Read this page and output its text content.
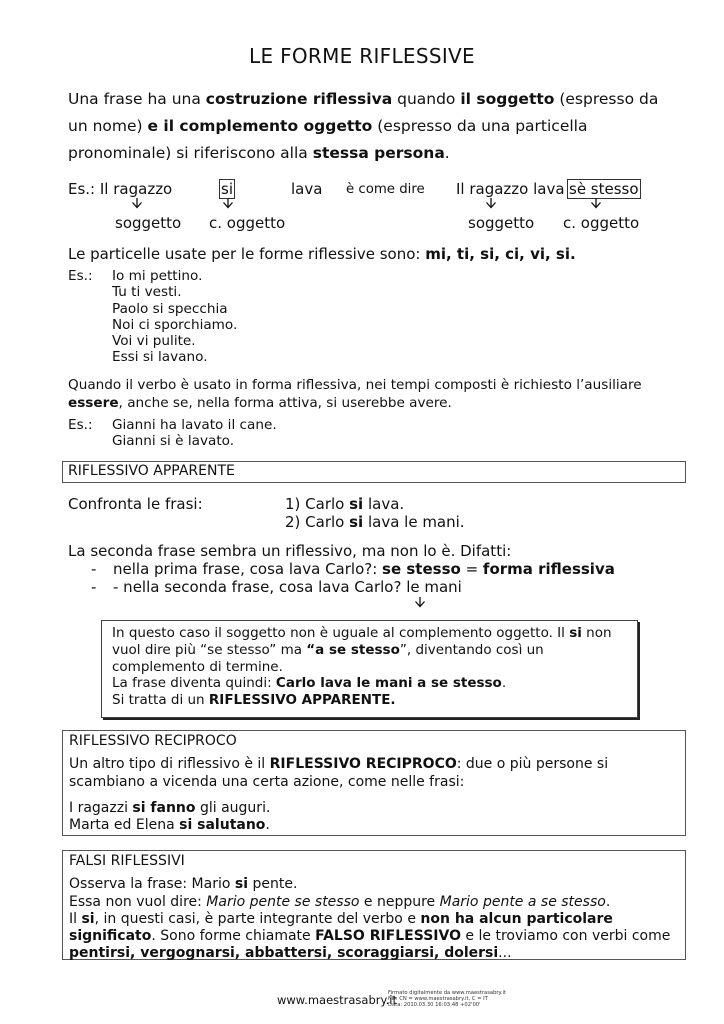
LE FORME RIFLESSIVE
Una frase ha una costruzione riflessiva quando il soggetto (espresso da un nome) e il complemento oggetto (espresso da una particella pronominale) si riferiscono alla stessa persona.
Es.: Il ragazzo	si	lava è come dire Il ragazzo lava sè stesso
soggetto c. oggetto	soggetto c. oggetto
Le particelle usate per le forme riflessive sono: mi, ti, si, ci, vi, si.
Es.: Io mi pettino.
Tu ti vesti.
Paolo si specchia
Noi ci sporchiamo.
Voi vi pulite.
Essi si lavano.
Quando il verbo è usato in forma riflessiva, nei tempi composti è richiesto l’ausiliare
essere, anche se, nella forma attiva, si userebbe avere.
Es.: Gianni ha lavato il cane.
Gianni si è lavato.
RIFLESSIVO APPARENTE
Confronta le frasi:	1) Carlo si lava.
2) Carlo si lava le mani.
La seconda frase sembra un riflessivo, ma non lo è. Difatti:
- nella prima frase, cosa lava Carlo?: se stesso = forma riflessiva
- - nella seconda frase, cosa lava Carlo? le mani
In questo caso il soggetto non è uguale al complemento oggetto. Il si non vuol dire più “se stesso” ma “a se stesso”, diventando così un complemento di termine.
La frase diventa quindi: Carlo lava le mani a se stesso.
Si tratta di un RIFLESSIVO APPARENTE.

RIFLESSIVO RECIPROCO

Un altro tipo di riflessivo è il RIFLESSIVO RECIPROCO: due o più persone si scambiano a vicenda una certa azione, come nelle frasi:

I ragazzi si fanno gli auguri.

Marta ed Elena si salutano.

FALSI RIFLESSIVI

Osserva la frase: Mario si pente.

Essa non vuol dire: Mario pente se stesso e neppure Mario pente a se stesso.

Il si, in questi casi, è parte integrante del verbo e non ha alcun particolare significato. Sono forme chiamate FALSO RIFLESSIVO e le troviamo con verbi come pentirsi, vergognarsi, abbattersi, scoraggiarsi, dolersi...

www.maestrasabry.it
Firmato digitalmente da www.maestrasabry.it
ND: CN = www.maestrasabry.it, C = IT
Data: 2010.03.30 16:03:48 +02'00'
